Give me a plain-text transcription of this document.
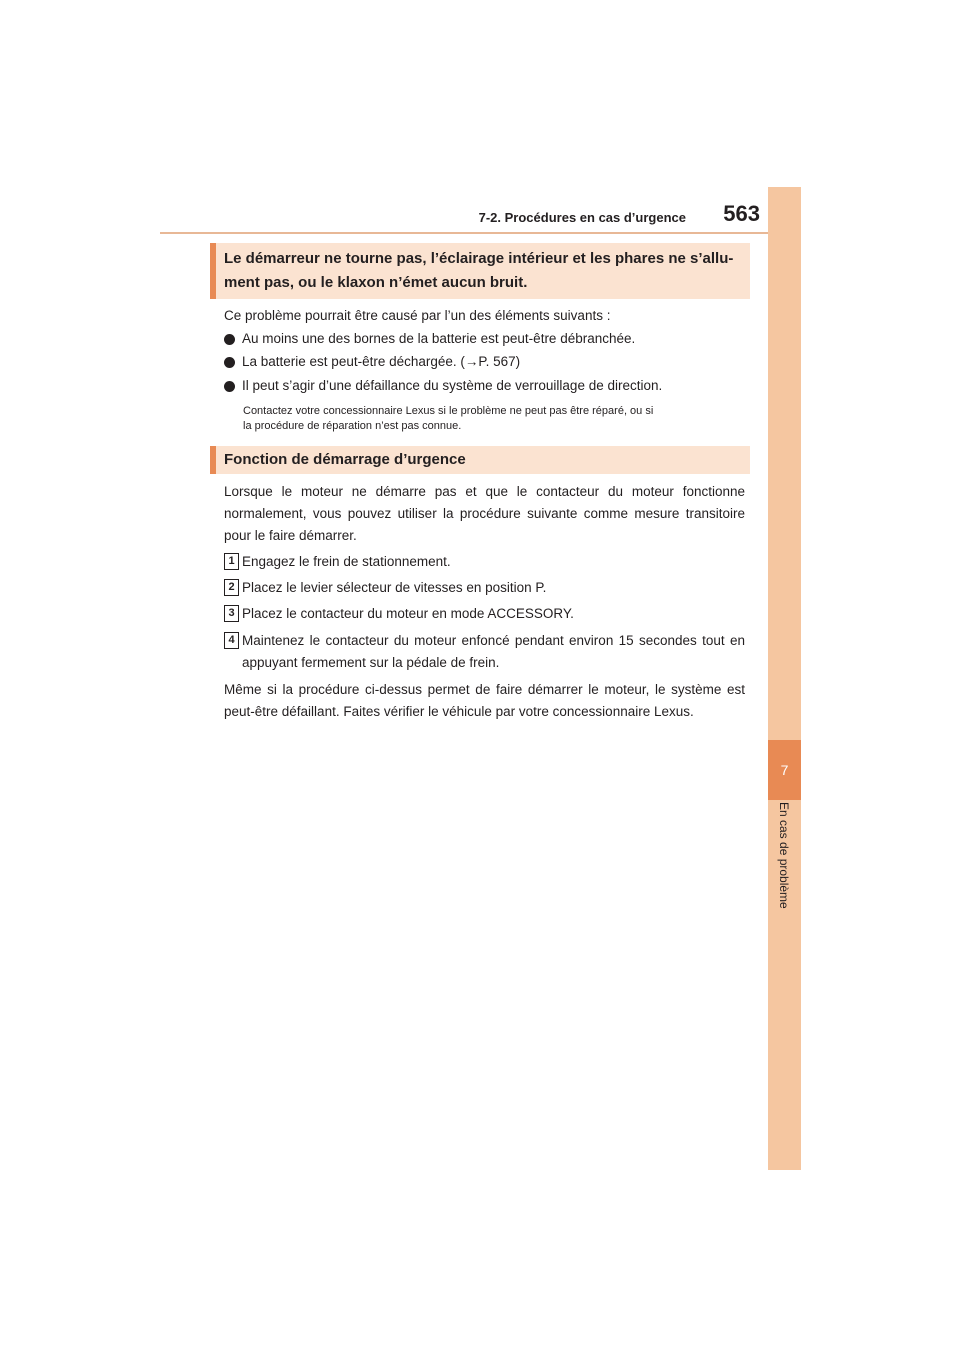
7-2. Procédures en cas d’urgence	563
7
En cas de problème
Le démarreur ne tourne pas, l’éclairage intérieur et les phares ne s’allu-
ment pas, ou le klaxon n’émet aucun bruit.
Ce problème pourrait être causé par l’un des éléments suivants :
Au moins une des bornes de la batterie est peut-être débranchée.
La batterie est peut-être déchargée. (→P. 567)
Il peut s’agir d’une défaillance du système de verrouillage de direction.
Contactez votre concessionnaire Lexus si le problème ne peut pas être réparé, ou si
la procédure de réparation n’est pas connue.
Fonction de démarrage d’urgence
Lorsque le moteur ne démarre pas et que le contacteur du moteur fonctionne normalement, vous pouvez utiliser la procédure suivante comme mesure transitoire pour le faire démarrer.
1 Engagez le frein de stationnement.
2 Placez le levier sélecteur de vitesses en position P.
3 Placez le contacteur du moteur en mode ACCESSORY.
4 Maintenez le contacteur du moteur enfoncé pendant environ 15 secondes tout en appuyant fermement sur la pédale de frein.
Même si la procédure ci-dessus permet de faire démarrer le moteur, le système est peut-être défaillant. Faites vérifier le véhicule par votre concessionnaire Lexus.
